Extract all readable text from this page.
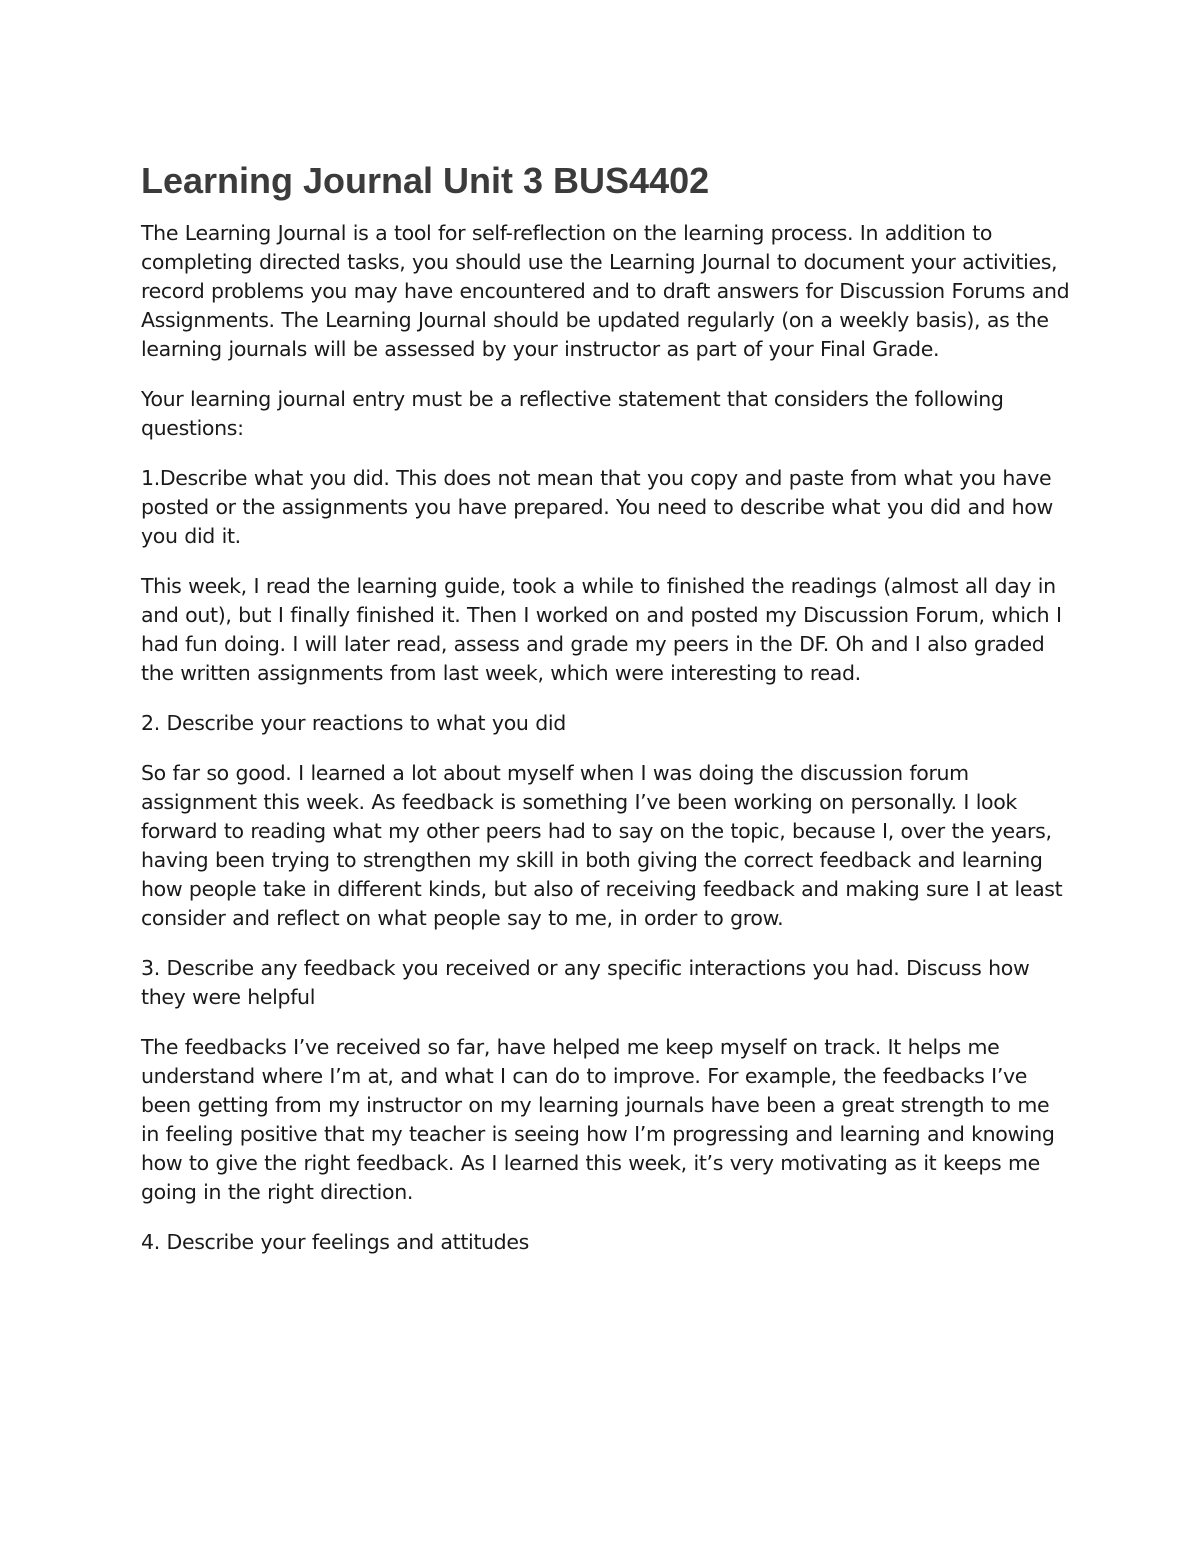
Learning Journal Unit 3 BUS4402

The Learning Journal is a tool for self-reflection on the learning process. In addition to completing directed tasks, you should use the Learning Journal to document your activities, record problems you may have encountered and to draft answers for Discussion Forums and Assignments. The Learning Journal should be updated regularly (on a weekly basis), as the learning journals will be assessed by your instructor as part of your Final Grade.

Your learning journal entry must be a reflective statement that considers the following questions:

1.Describe what you did. This does not mean that you copy and paste from what you have posted or the assignments you have prepared. You need to describe what you did and how you did it.

This week, I read the learning guide, took a while to finished the readings (almost all day in and out), but I finally finished it. Then I worked on and posted my Discussion Forum, which I had fun doing. I will later read, assess and grade my peers in the DF. Oh and I also graded the written assignments from last week, which were interesting to read.

2. Describe your reactions to what you did

So far so good. I learned a lot about myself when I was doing the discussion forum assignment this week. As feedback is something I’ve been working on personally. I look forward to reading what my other peers had to say on the topic, because I, over the years, having been trying to strengthen my skill in both giving the correct feedback and learning how people take in different kinds, but also of receiving feedback and making sure I at least consider and reflect on what people say to me, in order to grow.

3. Describe any feedback you received or any specific interactions you had. Discuss how they were helpful

The feedbacks I’ve received so far, have helped me keep myself on track. It helps me understand where I’m at, and what I can do to improve. For example, the feedbacks I’ve been getting from my instructor on my learning journals have been a great strength to me in feeling positive that my teacher is seeing how I’m progressing and learning and knowing how to give the right feedback. As I learned this week, it’s very motivating as it keeps me going in the right direction.

4. Describe your feelings and attitudes
